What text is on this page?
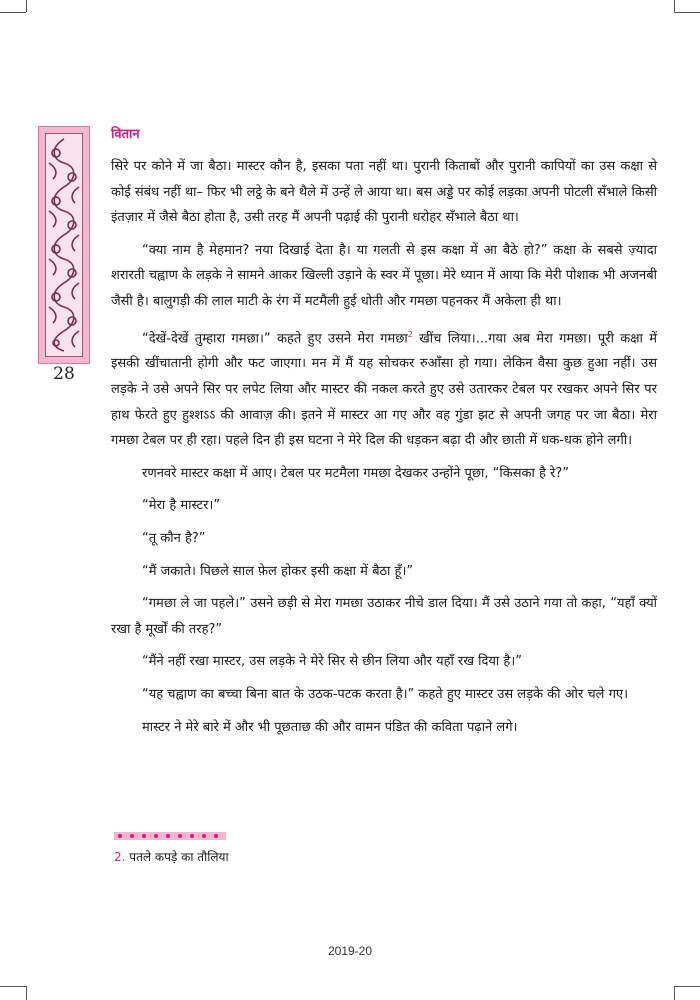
28
वितान

सिरे पर कोने में जा बैठा। मास्टर कौन है, इसका पता नहीं था। पुरानी किताबों और पुरानी कापियों का उस कक्षा से कोई संबंध नहीं था– फिर भी लट्ठे के बने थैले में उन्हें ले आया था। बस अड्डे पर कोई लड़का अपनी पोटली सँभाले किसी इंतज़ार में जैसे बैठा होता है, उसी तरह मैं अपनी पढ़ाई की पुरानी धरोहर सँभाले बैठा था।

“क्या नाम है मेहमान? नया दिखाई देता है। या गलती से इस कक्षा में आ बैठे हो?” कक्षा के सबसे ज़्यादा शरारती चह्वाण के लड़के ने सामने आकर खिल्ली उड़ाने के स्वर में पूछा। मेरे ध्यान में आया कि मेरी पोशाक भी अजनबी जैसी है। बालुगड़ी की लाल माटी के रंग में मटमैली हुई धोती और गमछा पहनकर मैं अकेला ही था।

“देखें-देखें तुम्हारा गमछा।” कहते हुए उसने मेरा गमछा$^2$ खींच लिया।...गया अब मेरा गमछा। पूरी कक्षा में इसकी खींचातानी होगी और फट जाएगा। मन में मैं यह सोचकर रुआँसा हो गया। लेकिन वैसा कुछ हुआ नहीं। उस लड़के ने उसे अपने सिर पर लपेट लिया और मास्टर की नकल करते हुए उसे उतारकर टेबल पर रखकर अपने सिर पर हाथ फेरते हुए हुश्शऽऽ की आवाज़ की। इतने में मास्टर आ गए और वह गुंडा झट से अपनी जगह पर जा बैठा। मेरा गमछा टेबल पर ही रहा। पहले दिन ही इस घटना ने मेरे दिल की धड़कन बढ़ा दी और छाती में धक-धक होने लगी।

रणनवरे मास्टर कक्षा में आए। टेबल पर मटमैला गमछा देखकर उन्होंने पूछा, “किसका है रे?”

“मेरा है मास्टर।”

“तू कौन है?”

“मैं जकाते। पिछले साल फ़ेल होकर इसी कक्षा में बैठा हूँ।”

“गमछा ले जा पहले।” उसने छड़ी से मेरा गमछा उठाकर नीचे डाल दिया। मैं उसे उठाने गया तो कहा, “यहाँ क्यों रखा है मूर्खों की तरह?”

“मैंने नहीं रखा मास्टर, उस लड़के ने मेरे सिर से छीन लिया और यहाँ रख दिया है।”

“यह चह्वाण का बच्चा बिना बात के उठक-पटक करता है।” कहते हुए मास्टर उस लड़के की ओर चले गए।

मास्टर ने मेरे बारे में और भी पूछताछ की और वामन पंडित की कविता पढ़ाने लगे।

2. पतले कपड़े का तौलिया
2019-20
